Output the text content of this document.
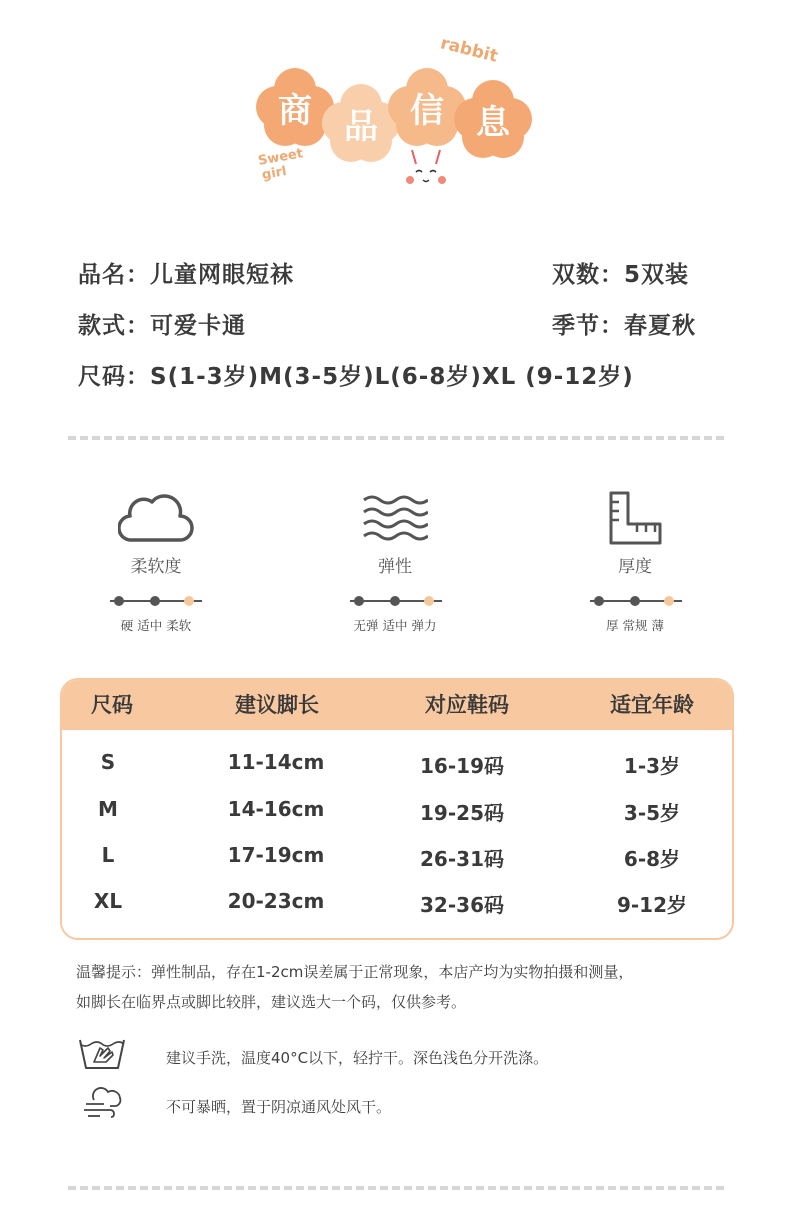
rabbit
Sweet
girl
商 品 信 息
品名：儿童网眼短袜	双数：5双装
款式：可爱卡通	季节：春夏秋
尺码：S(1-3岁)M(3-5岁)L(6-8岁)XL (9-12岁)
柔软度
硬 适中 柔软
弹性
无弹 适中 弹力
厚度
厚 常规 薄
尺码	建议脚长	对应鞋码	适宜年龄
S	11-14cm	16-19码	1-3岁
M	14-16cm	19-25码	3-5岁
L	17-19cm	26-31码	6-8岁
XL	20-23cm	32-36码	9-12岁
温馨提示：弹性制品，存在1-2cm误差属于正常现象，本店产均为实物拍摄和测量，
如脚长在临界点或脚比较胖，建议选大一个码，仅供参考。
建议手洗，温度40°C以下，轻拧干。深色浅色分开洗涤。
不可暴晒，置于阴凉通风处风干。
